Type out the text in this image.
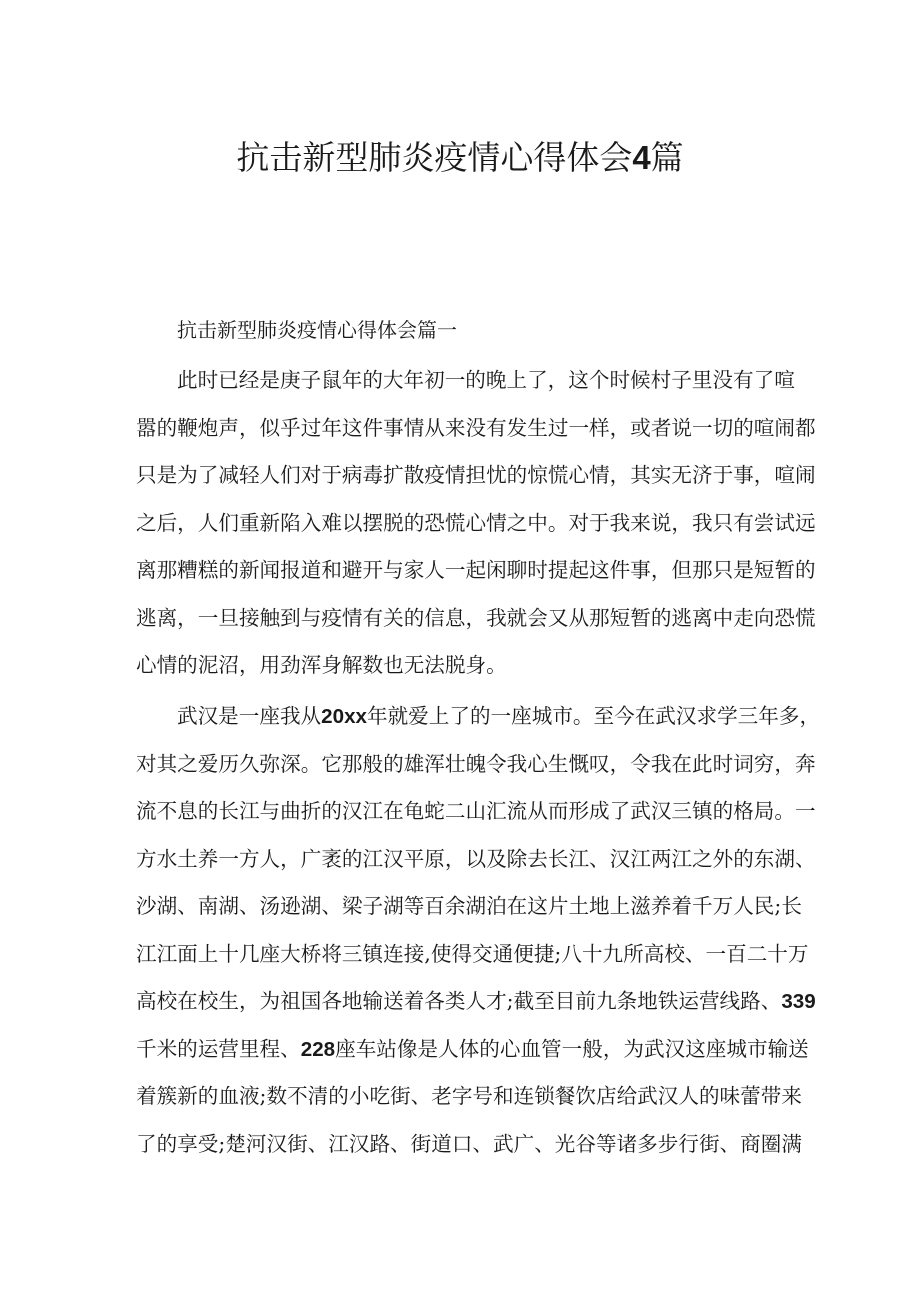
抗击新型肺炎疫情心得体会4篇
抗击新型肺炎疫情心得体会篇一
此时已经是庚子鼠年的大年初一的晚上了，这个时候村子里没有了喧
嚣的鞭炮声，似乎过年这件事情从来没有发生过一样，或者说一切的喧闹都
只是为了减轻人们对于病毒扩散疫情担忧的惊慌心情，其实无济于事，喧闹
之后，人们重新陷入难以摆脱的恐慌心情之中。对于我来说，我只有尝试远
离那糟糕的新闻报道和避开与家人一起闲聊时提起这件事，但那只是短暂的
逃离，一旦接触到与疫情有关的信息，我就会又从那短暂的逃离中走向恐慌
心情的泥沼，用劲浑身解数也无法脱身。
武汉是一座我从20xx年就爱上了的一座城市。至今在武汉求学三年多，
对其之爱历久弥深。它那般的雄浑壮魄令我心生慨叹，令我在此时词穷，奔
流不息的长江与曲折的汉江在龟蛇二山汇流从而形成了武汉三镇的格局。一
方水土养一方人，广袤的江汉平原，以及除去长江、汉江两江之外的东湖、
沙湖、南湖、汤逊湖、梁子湖等百余湖泊在这片土地上滋养着千万人民;长
江江面上十几座大桥将三镇连接,使得交通便捷;八十九所高校、一百二十万
高校在校生，为祖国各地输送着各类人才;截至目前九条地铁运营线路、339
千米的运营里程、228座车站像是人体的心血管一般，为武汉这座城市输送
着簇新的血液;数不清的小吃街、老字号和连锁餐饮店给武汉人的味蕾带来
了的享受;楚河汉街、江汉路、街道口、武广、光谷等诸多步行街、商圈满
